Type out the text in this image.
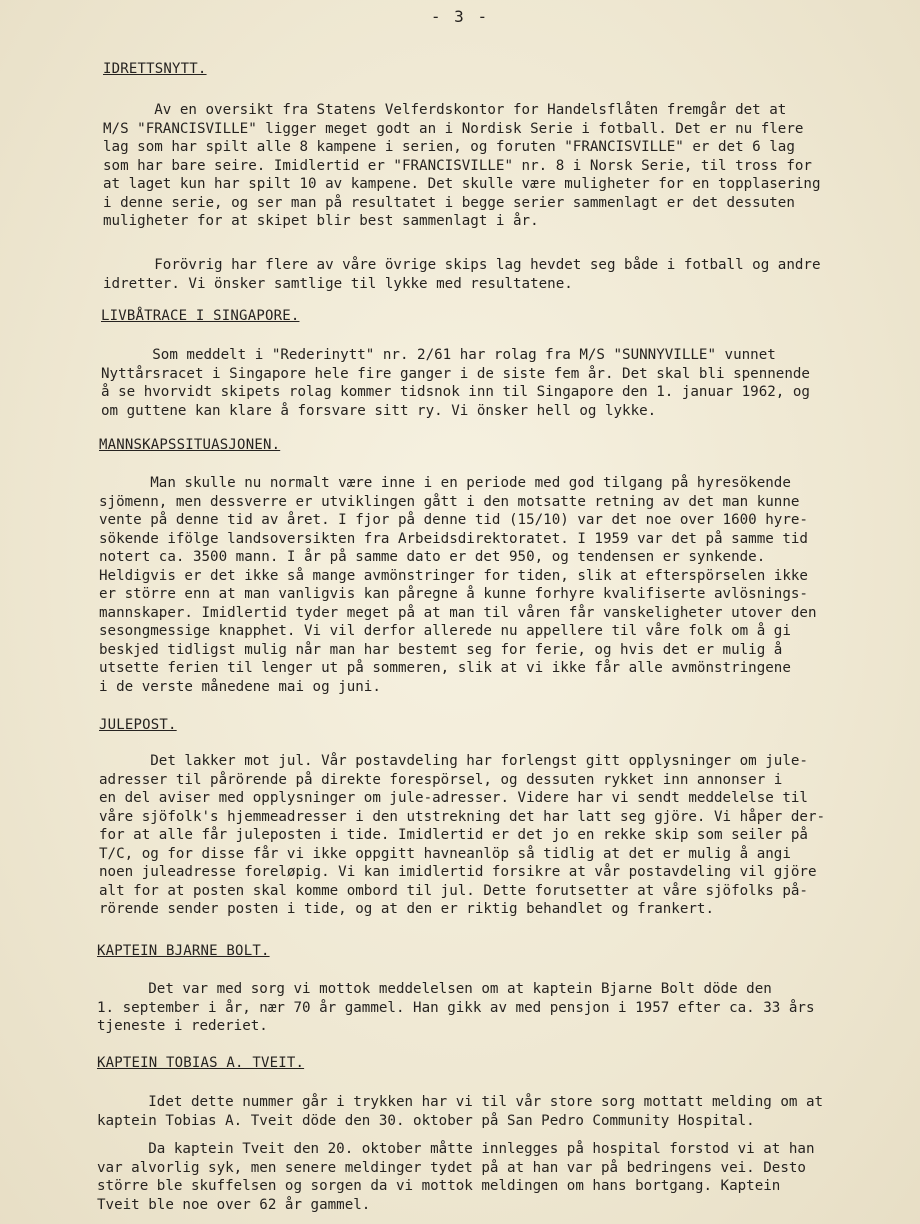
- 3 -

IDRETTSNYTT.

Av en oversikt fra Statens Velferdskontor for Handelsflåten fremgår det at
M/S "FRANCISVILLE" ligger meget godt an i Nordisk Serie i fotball. Det er nu flere
lag som har spilt alle 8 kampene i serien, og foruten "FRANCISVILLE" er det 6 lag
som har bare seire. Imidlertid er "FRANCISVILLE" nr. 8 i Norsk Serie, til tross for
at laget kun har spilt 10 av kampene. Det skulle være muligheter for en topplasering
i denne serie, og ser man på resultatet i begge serier sammenlagt er det dessuten
muligheter for at skipet blir best sammenlagt i år.

Forövrig har flere av våre övrige skips lag hevdet seg både i fotball og andre
idretter. Vi önsker samtlige til lykke med resultatene.

LIVBÅTRACE I SINGAPORE.

Som meddelt i "Rederinytt" nr. 2/61 har rolag fra M/S "SUNNYVILLE" vunnet
Nyttårsracet i Singapore hele fire ganger i de siste fem år. Det skal bli spennende
å se hvorvidt skipets rolag kommer tidsnok inn til Singapore den 1. januar 1962, og
om guttene kan klare å forsvare sitt ry. Vi önsker hell og lykke.

MANNSKAPSSITUASJONEN.

Man skulle nu normalt være inne i en periode med god tilgang på hyresökende
sjömenn, men dessverre er utviklingen gått i den motsatte retning av det man kunne
vente på denne tid av året. I fjor på denne tid (15/10) var det noe over 1600 hyre-
sökende ifölge landsoversikten fra Arbeidsdirektoratet. I 1959 var det på samme tid
notert ca. 3500 mann. I år på samme dato er det 950, og tendensen er synkende.
Heldigvis er det ikke så mange avmönstringer for tiden, slik at efterspörselen ikke
er större enn at man vanligvis kan påregne å kunne forhyre kvalifiserte avlösnings-
mannskaper. Imidlertid tyder meget på at man til våren får vanskeligheter utover den
sesongmessige knapphet. Vi vil derfor allerede nu appellere til våre folk om å gi
beskjed tidligst mulig når man har bestemt seg for ferie, og hvis det er mulig å
utsette ferien til lenger ut på sommeren, slik at vi ikke får alle avmönstringene
i de verste månedene mai og juni.

JULEPOST.

Det lakker mot jul. Vår postavdeling har forlengst gitt opplysninger om jule-
adresser til pårörende på direkte forespörsel, og dessuten rykket inn annonser i
en del aviser med opplysninger om jule-adresser. Videre har vi sendt meddelelse til
våre sjöfolk's hjemmeadresser i den utstrekning det har latt seg gjöre. Vi håper der-
for at alle får juleposten i tide. Imidlertid er det jo en rekke skip som seiler på
T/C, og for disse får vi ikke oppgitt havneanlöp så tidlig at det er mulig å angi
noen juleadresse foreløpig. Vi kan imidlertid forsikre at vår postavdeling vil gjöre
alt for at posten skal komme ombord til jul. Dette forutsetter at våre sjöfolks på-
rörende sender posten i tide, og at den er riktig behandlet og frankert.

KAPTEIN BJARNE BOLT.

Det var med sorg vi mottok meddelelsen om at kaptein Bjarne Bolt döde den
1. september i år, nær 70 år gammel. Han gikk av med pensjon i 1957 efter ca. 33 års
tjeneste i rederiet.

KAPTEIN TOBIAS A. TVEIT.

Idet dette nummer går i trykken har vi til vår store sorg mottatt melding om at
kaptein Tobias A. Tveit döde den 30. oktober på San Pedro Community Hospital.

Da kaptein Tveit den 20. oktober måtte innlegges på hospital forstod vi at han
var alvorlig syk, men senere meldinger tydet på at han var på bedringens vei. Desto
större ble skuffelsen og sorgen da vi mottok meldingen om hans bortgang. Kaptein
Tveit ble noe over 62 år gammel.
